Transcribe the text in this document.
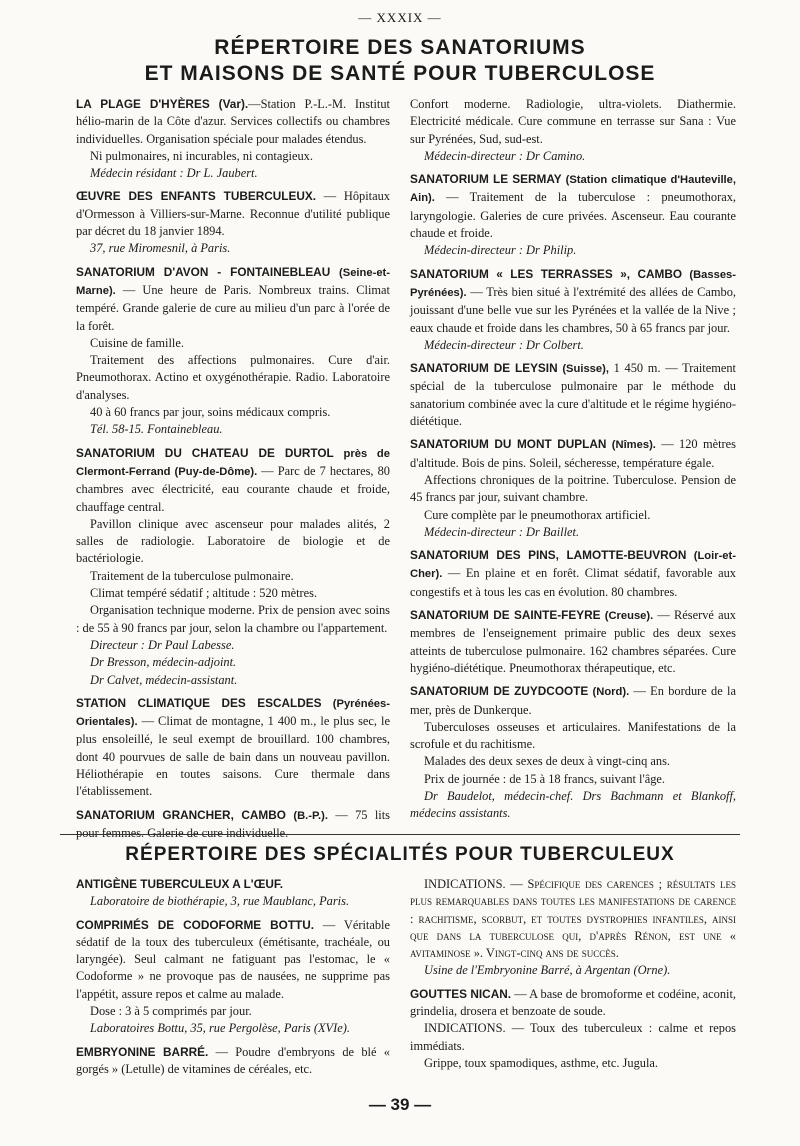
— XXXIX —
RÉPERTOIRE DES SANATORIUMS
ET MAISONS DE SANTÉ POUR TUBERCULOSE

LA PLAGE D'HYÈRES (Var).—Station P.-L.-M. Institut hélio-marin de la Côte d'azur. Services collectifs ou chambres individuelles. Organisation spéciale pour malades étendus.

Ni pulmonaires, ni incurables, ni contagieux.

Médecin résidant : Dr L. Jaubert.

ŒUVRE DES ENFANTS TUBERCULEUX. — Hôpitaux d'Ormesson à Villiers-sur-Marne. Reconnue d'utilité publique par décret du 18 janvier 1894.

37, rue Miromesnil, à Paris.

SANATORIUM D'AVON - FONTAINEBLEAU (Seine-et-Marne). — Une heure de Paris. Nombreux trains. Climat tempéré. Grande galerie de cure au milieu d'un parc à l'orée de la forêt.

Cuisine de famille.

Traitement des affections pulmonaires. Cure d'air. Pneumothorax. Actino et oxygénothérapie. Radio. Laboratoire d'analyses.

40 à 60 francs par jour, soins médicaux compris.

Tél. 58-15. Fontainebleau.

SANATORIUM DU CHATEAU DE DURTOL près de Clermont-Ferrand (Puy-de-Dôme). — Parc de 7 hectares, 80 chambres avec électricité, eau courante chaude et froide, chauffage central.

Pavillon clinique avec ascenseur pour malades alités, 2 salles de radiologie. Laboratoire de biologie et de bactériologie.

Traitement de la tuberculose pulmonaire.

Climat tempéré sédatif ; altitude : 520 mètres.

Organisation technique moderne. Prix de pension avec soins : de 55 à 90 francs par jour, selon la chambre ou l'appartement.

Directeur : Dr Paul Labesse.

Dr Bresson, médecin-adjoint.

Dr Calvet, médecin-assistant.

STATION CLIMATIQUE DES ESCALDES (Pyrénées-Orientales). — Climat de montagne, 1 400 m., le plus sec, le plus ensoleillé, le seul exempt de brouillard. 100 chambres, dont 40 pourvues de salle de bain dans un nouveau pavillon. Héliothérapie en toutes saisons. Cure thermale dans l'établissement.

SANATORIUM GRANCHER, CAMBO (B.-P.). — 75 lits pour femmes. Galerie de cure individuelle.

Confort moderne. Radiologie, ultra-violets. Diathermie. Electricité médicale. Cure commune en terrasse sur Sana : Vue sur Pyrénées, Sud, sud-est.

Médecin-directeur : Dr Camino.

SANATORIUM LE SERMAY (Station climatique d'Hauteville, Ain). — Traitement de la tuberculose : pneumothorax, laryngologie. Galeries de cure privées. Ascenseur. Eau courante chaude et froide.

Médecin-directeur : Dr Philip.

SANATORIUM « LES TERRASSES », CAMBO (Basses-Pyrénées). — Très bien situé à l'extrémité des allées de Cambo, jouissant d'une belle vue sur les Pyrénées et la vallée de la Nive ; eaux chaude et froide dans les chambres, 50 à 65 francs par jour.

Médecin-directeur : Dr Colbert.

SANATORIUM DE LEYSIN (Suisse), 1 450 m. — Traitement spécial de la tuberculose pulmonaire par le méthode du sanatorium combinée avec la cure d'altitude et le régime hygiéno-diététique.

SANATORIUM DU MONT DUPLAN (Nîmes). — 120 mètres d'altitude. Bois de pins. Soleil, sécheresse, température égale.

Affections chroniques de la poitrine. Tuberculose. Pension de 45 francs par jour, suivant chambre.

Cure complète par le pneumothorax artificiel.

Médecin-directeur : Dr Baillet.

SANATORIUM DES PINS, LAMOTTE-BEUVRON (Loir-et-Cher). — En plaine et en forêt. Climat sédatif, favorable aux congestifs et à tous les cas en évolution. 80 chambres.

SANATORIUM DE SAINTE-FEYRE (Creuse). — Réservé aux membres de l'enseignement primaire public des deux sexes atteints de tuberculose pulmonaire. 162 chambres séparées. Cure hygiéno-diététique. Pneumothorax thérapeutique, etc.

SANATORIUM DE ZUYDCOOTE (Nord). — En bordure de la mer, près de Dunkerque.

Tuberculoses osseuses et articulaires. Manifestations de la scrofule et du rachitisme.

Malades des deux sexes de deux à vingt-cinq ans.

Prix de journée : de 15 à 18 francs, suivant l'âge.

Dr Baudelot, médecin-chef. Drs Bachmann et Blankoff, médecins assistants.

RÉPERTOIRE DES SPÉCIALITÉS POUR TUBERCULEUX

ANTIGÈNE TUBERCULEUX A L'ŒUF.

Laboratoire de biothérapie, 3, rue Maublanc, Paris.

COMPRIMÉS DE CODOFORME BOTTU. — Véritable sédatif de la toux des tuberculeux (émétisante, trachéale, ou laryngée). Seul calmant ne fatiguant pas l'estomac, le « Codoforme » ne provoque pas de nausées, ne supprime pas l'appétit, assure repos et calme au malade.

Dose : 3 à 5 comprimés par jour.

Laboratoires Bottu, 35, rue Pergolèse, Paris (XVIe).

EMBRYONINE BARRÉ. — Poudre d'embryons de blé « gorgés » (Letulle) de vitamines de céréales, etc.

INDICATIONS. — Spécifique des carences ; résultats les plus remarquables dans toutes les manifestations de carence : rachitisme, scorbut, et toutes dystrophies infantiles, ainsi que dans la tuberculose qui, d'après Rénon, est une « avitaminose ». Vingt-cinq ans de succès.

Usine de l'Embryonine Barré, à Argentan (Orne).

GOUTTES NICAN. — A base de bromoforme et codéine, aconit, grindelia, drosera et benzoate de soude.

INDICATIONS. — Toux des tuberculeux : calme et repos immédiats.

Grippe, toux spamodiques, asthme, etc. Jugula.

— 39 —
